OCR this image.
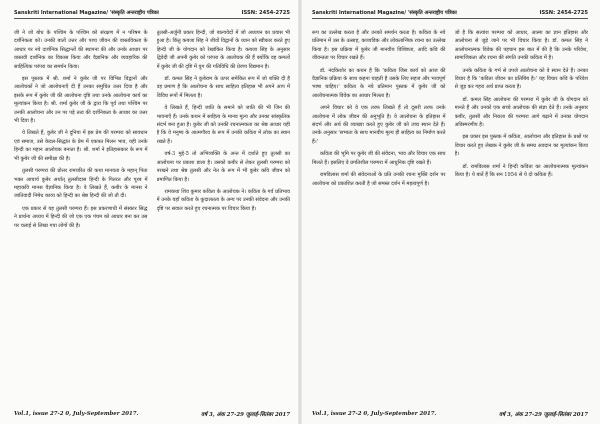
Sanskriti International Magazine/ 'संस्कृति अन्तराष्ट्रीय पत्रिका	ISSN: 2454-2725

जी ने जो बोध के पश्चिम के पश्चिम को संरक्षण में न परिषम के दर्शनिकता को। उनकी बातों उत्तर और पश्च जीवन की वास्तविकता के आधार पर नये दार्शनिक सिद्धान्तों की स्थापना की और उनके आधार पर वास्तवी दार्शनिक का विकास किया और वैज्ञानिक और व्यवहारिक की साहित्यिक परंपरा का समर्थन किया।

इस पुस्तक में श्री. शर्मा ने कुबेर जी पर विभिन्न विद्वानों और आलोचकों ने जो आलोचनाएँ दी हैं उनका समुचित उत्तर दिया है और इसके रूप में कुबेर जी की आलोचना दृष्टि तथा उनके आलोचना कार्य का मूल्यांकन किया है। श्री. शर्मा कुबेर जी के द्वारा कि पूर्व तथा पश्चिम पर उनकी आलोचना और उन पर पड़े तत्व की दर्शनिकता के आधार का उत्तर भी दिया है।

ये लिखते हैं, कुबेर जी ने दुनिया में इस प्रेम की परम्परा को सावधान एवं समाज, उसे केवल-सिद्धांत के प्रेम में एकत्रत मिलन भाव, यही उनके हिन्दी का महान आलोचक बनाता है। श्री. शर्मा ने इतिहासकार के रूप में भी कुबेर जी की समीक्षा की है।

तुलसी परम्परा की प्रोत्तर रामचरित की कथा मानवता के महान् पिता भक्त आचार्य कुबेर अर्थात् तुलसीदास हिन्दी के पितरत और पूरब में महाकवि मानस वैज्ञानिक किया है। वे लिखते हैं, कबीर के मानस ने जातिवादी निषेध काव्य को हिन्दी का श्रेष्ठ हिन्दी की जो तौ दी।

एक प्रकार से यह तुलसी परम्परा हैं। इस प्रकरणाधी में संस्कार सिद्ध ने प्रार्थना अध्यय में हिन्दी की जो एक एक पंचम को आधार बना कर उस पर चलाई से लिखा गया लोगों की है।

तुलसी-अर्जुनी प्रकार हिन्दी, जो बाल्यवेदों में जो अध्ययन का प्रयास भी हुआ है। किंतु कबजा सिंह ने जीवों विद्वानों के ध्यान को स्वीकार करते हुए हिन्दी जी के योगदान को रेखांकित किया है। कबजा सिंह के अनुसार द्विवेदी जी अपनी कुबेर को परंपरा के आलोचक की हैं क्योंकि वह कमलों में कुबेर जी की दृष्टि में युग की गतिविधि की प्रेरणा विद्यमान है।

डॉ. कमल सिंह ने कुबेराम के ऊपर समेकित रूप में जो शक्ति दी है वह प्रमाण है कि आलोचना के साथ साहित्य इतिहास भी अपने आप में विविध रूपों में मिलता है।

वे लिखते हैं, हिन्दी जाति के समाने को जाति की भी जिन की भावनाएँ हैं। उनके कथन में साहित्य के मानव मूल्य और उनका सांस्कृतिक संदर्भ बना हुआ है। कुबेर जी को उनकी रचनात्मकता का श्रेष्ठ आधार यही है कि वे मनुष्य के आत्मगौरव के रूप में उनकी कविता में लोक का स्थान रखते हैं।

वर्ष-3 मुद्दे-5 तो अभिव्यक्ति के अन्त में दर्शाते हुए तुलसी का आलोचना पर प्रकाश डाला है। उसको कबीर से लेकर तुलसी परम्परा को परखने तथा श्रेष्ठ तुलसी और नेत के रूप में भी कुबेर कवि जीवन को प्रमाणित किया है।

रामकथा शिव कुमार कविता के आलोचक ने। कविता के गर्व प्रतिभाव में उनके यहाँ कविता के कुदालतता के अन्य पर उनकी संवेदना और उनकी दृष्टि पर सवाल करते हुए रचनात्मक पर विचार किया है।

Vol.1, issue 27-2 0, July-September 2017.	वर्ष 3, अंक 27-29 जुलाई-सितंबर 2017
Sanskriti International Magazine/ 'संस्कृति अन्तराष्ट्रीय पत्रिका	ISSN: 2454-2725

रूप का उल्लेख करता है और उनको समर्थन करता है। कविता के नये प्रतिमान में उस के उत्साह, काव्यविक और लोकतान्त्रिक रचना का उल्लेख किया है। इस प्रक्रिया में कुबेर जी मानवीय विशिष्टता, आदि कवि की जीवन्तता पर विचार रखते हैं।

डॉ. नंदकिशोर का कथन है कि 'कविता जिस कार्य को आज की वैज्ञानिक प्रक्रिया के साथ कहना चाहती है उसके लिए सहज और भावपूर्ण भाषा चाहिए।' कविता के नये प्रतिमान पुस्तक में कुबेर जी को आलोचनात्मक विवेक का आधार मिलता है।

अपने विचार को वे एक तरफ लिखते हैं तो दूसरी तरफ उनके आलोचना में लोक जीवन की अनुभूति है। वे आलोचना के इतिहास में संदर्भ और अर्थ की व्याख्या करते हुए कुबेर जी को उच्च स्थान देते हैं। उनके अनुसार 'सभ्यता के साथ मानवीय मूल्य ही साहित्य का निर्माण करते हैं।'

कविता की भूमि पर कुबेर जी की संवेदना, भाव और विचार एक साथ मिलते हैं। इसलिए वे प्रगतिशील परम्परा में आधुनिक दृष्टि रखते हैं।

रामविलास शर्मा की संवेदनाओं के प्रति उनकी रचना मुक्ति दर्शन पर आलोचना को प्रकाशित करती है जो समस्त दर्शन में महत्वपूर्ण है।

जो है कि सत्यांश परम्परा को आधार, आत्मा का ज्ञान इतिहास और आलोचना से जुड़े जाने पर भी विचार किया है। डॉ. कमल सिंह ने आलोचनात्मक विवेक की पहचान इस बात में की है कि उनके परिवेश, सामाजिकता और रचना की संगति उनकी कविता में है।

उनके कविता के गर्भ से उपजे आलोचना को वे स्थान देते हैं। उनका विचार है कि 'कविता जीवन का प्रतिबिंब है।' यह विचार कवि के परिवेश से जुड़ कर गहरा अर्थ प्राप्त करता है।

डॉ. कमल सिंह आलोचना की परम्परा में कुबेर जी के योगदान को मानते हैं और उनको एक सच्चे आलोचक की संज्ञा देते हैं। उनके अनुसार कबीर, तुलसी और निराला की परम्परा आगे बढ़ाने में उनका योगदान अविस्मरणीय है।

इस प्रकार इस पुस्तक में कविता, आलोचना और इतिहास के प्रश्नों पर विचार करते हुए लेखक ने कुबेर जी के समग्र अवदान का मूल्यांकन किया है।

डॉ. रामविलास शर्मा ने हिन्दी कविता का आलोचनात्मक मूल्यांकन किया है। ये बातें हैं कि सन 1954 से ये दो कविता हैं।

Vol.1, issue 27-2 0, July-September 2017.	वर्ष 3, अंक 27-29 जुलाई-सितंबर 2017
